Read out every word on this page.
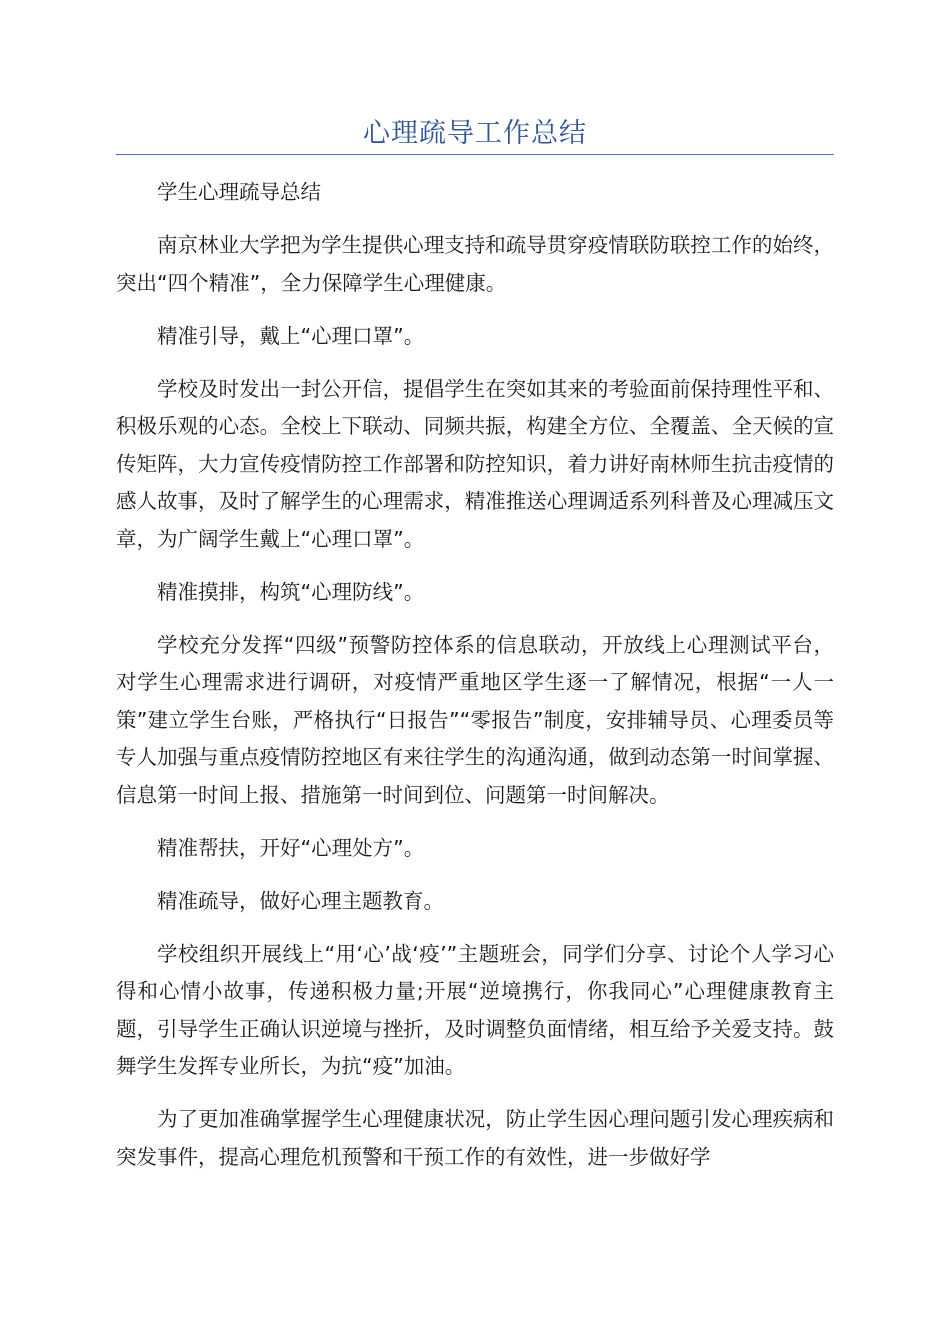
心理疏导工作总结

学生心理疏导总结

南京林业大学把为学生提供心理支持和疏导贯穿疫情联防联控工作的始终，突出“四个精准”，全力保障学生心理健康。

精准引导，戴上“心理口罩”。

学校及时发出一封公开信，提倡学生在突如其来的考验面前保持理性平和、积极乐观的心态。全校上下联动、同频共振，构建全方位、全覆盖、全天候的宣传矩阵，大力宣传疫情防控工作部署和防控知识，着力讲好南林师生抗击疫情的感人故事，及时了解学生的心理需求，精准推送心理调适系列科普及心理减压文章，为广阔学生戴上“心理口罩”。

精准摸排，构筑“心理防线”。

学校充分发挥“四级”预警防控体系的信息联动，开放线上心理测试平台，对学生心理需求进行调研，对疫情严重地区学生逐一了解情况，根据“一人一策”建立学生台账，严格执行“日报告”“零报告”制度，安排辅导员、心理委员等专人加强与重点疫情防控地区有来往学生的沟通沟通，做到动态第一时间掌握、信息第一时间上报、措施第一时间到位、问题第一时间解决。

精准帮扶，开好“心理处方”。

精准疏导，做好心理主题教育。

学校组织开展线上“用‘心’战‘疫’”主题班会，同学们分享、讨论个人学习心得和心情小故事，传递积极力量;开展“逆境携行，你我同心”心理健康教育主题，引导学生正确认识逆境与挫折，及时调整负面情绪，相互给予关爱支持。鼓舞学生发挥专业所长，为抗“疫”加油。

为了更加准确掌握学生心理健康状况，防止学生因心理问题引发心理疾病和突发事件，提高心理危机预警和干预工作的有效性，进一步做好学
